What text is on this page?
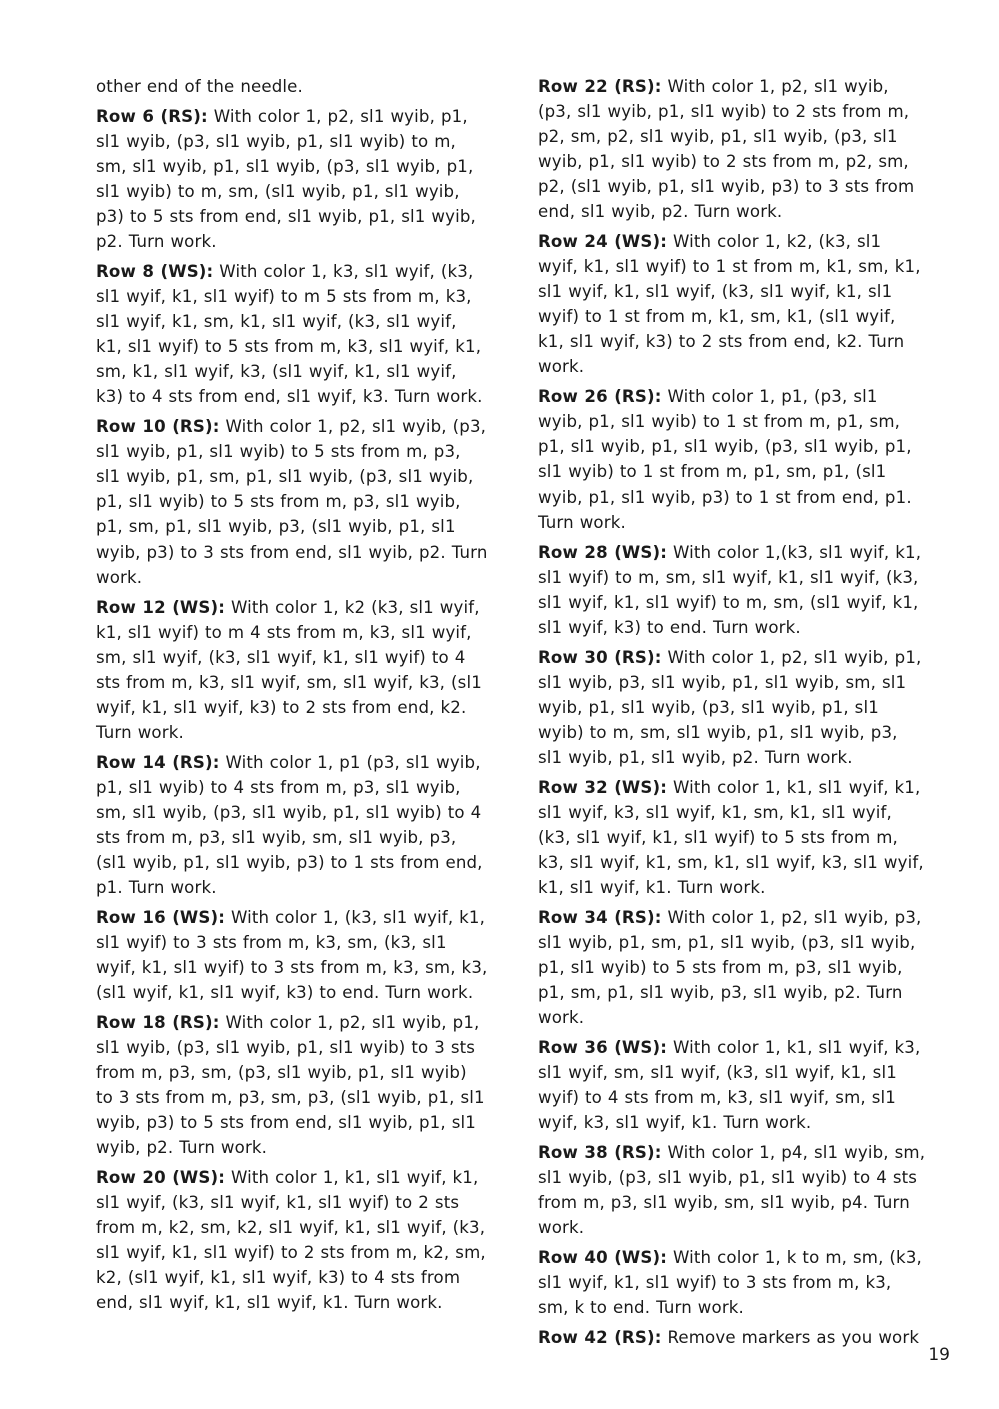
other end of the needle.

Row 6 (RS): With color 1, p2, sl1 wyib, p1, sl1 wyib, (p3, sl1 wyib, p1, sl1 wyib) to m, sm, sl1 wyib, p1, sl1 wyib, (p3, sl1 wyib, p1, sl1 wyib) to m, sm, (sl1 wyib, p1, sl1 wyib, p3) to 5 sts from end, sl1 wyib, p1, sl1 wyib, p2. Turn work.

Row 8 (WS): With color 1, k3, sl1 wyif, (k3, sl1 wyif, k1, sl1 wyif) to m 5 sts from m, k3, sl1 wyif, k1, sm, k1, sl1 wyif, (k3, sl1 wyif, k1, sl1 wyif) to 5 sts from m, k3, sl1 wyif, k1, sm, k1, sl1 wyif, k3, (sl1 wyif, k1, sl1 wyif, k3) to 4 sts from end, sl1 wyif, k3. Turn work.

Row 10 (RS): With color 1, p2, sl1 wyib, (p3, sl1 wyib, p1, sl1 wyib) to 5 sts from m, p3, sl1 wyib, p1, sm, p1, sl1 wyib, (p3, sl1 wyib, p1, sl1 wyib) to 5 sts from m, p3, sl1 wyib, p1, sm, p1, sl1 wyib, p3, (sl1 wyib, p1, sl1 wyib, p3) to 3 sts from end, sl1 wyib, p2. Turn work.

Row 12 (WS): With color 1, k2 (k3, sl1 wyif, k1, sl1 wyif) to m 4 sts from m, k3, sl1 wyif, sm, sl1 wyif, (k3, sl1 wyif, k1, sl1 wyif) to 4 sts from m, k3, sl1 wyif, sm, sl1 wyif, k3, (sl1 wyif, k1, sl1 wyif, k3) to 2 sts from end, k2. Turn work.

Row 14 (RS): With color 1, p1 (p3, sl1 wyib, p1, sl1 wyib) to 4 sts from m, p3, sl1 wyib, sm, sl1 wyib, (p3, sl1 wyib, p1, sl1 wyib) to 4 sts from m, p3, sl1 wyib, sm, sl1 wyib, p3, (sl1 wyib, p1, sl1 wyib, p3) to 1 sts from end, p1. Turn work.

Row 16 (WS): With color 1, (k3, sl1 wyif, k1, sl1 wyif) to 3 sts from m, k3, sm, (k3, sl1 wyif, k1, sl1 wyif) to 3 sts from m, k3, sm, k3, (sl1 wyif, k1, sl1 wyif, k3) to end. Turn work.

Row 18 (RS): With color 1, p2, sl1 wyib, p1, sl1 wyib, (p3, sl1 wyib, p1, sl1 wyib) to 3 sts from m, p3, sm, (p3, sl1 wyib, p1, sl1 wyib) to 3 sts from m, p3, sm, p3, (sl1 wyib, p1, sl1 wyib, p3) to 5 sts from end, sl1 wyib, p1, sl1 wyib, p2. Turn work.

Row 20 (WS): With color 1, k1, sl1 wyif, k1, sl1 wyif, (k3, sl1 wyif, k1, sl1 wyif) to 2 sts from m, k2, sm, k2, sl1 wyif, k1, sl1 wyif, (k3, sl1 wyif, k1, sl1 wyif) to 2 sts from m, k2, sm, k2, (sl1 wyif, k1, sl1 wyif, k3) to 4 sts from end, sl1 wyif, k1, sl1 wyif, k1. Turn work.

Row 22 (RS): With color 1, p2, sl1 wyib, (p3, sl1 wyib, p1, sl1 wyib) to 2 sts from m, p2, sm, p2, sl1 wyib, p1, sl1 wyib, (p3, sl1 wyib, p1, sl1 wyib) to 2 sts from m, p2, sm, p2, (sl1 wyib, p1, sl1 wyib, p3) to 3 sts from end, sl1 wyib, p2. Turn work.

Row 24 (WS): With color 1, k2, (k3, sl1 wyif, k1, sl1 wyif) to 1 st from m, k1, sm, k1, sl1 wyif, k1, sl1 wyif, (k3, sl1 wyif, k1, sl1 wyif) to 1 st from m, k1, sm, k1, (sl1 wyif, k1, sl1 wyif, k3) to 2 sts from end, k2. Turn work.

Row 26 (RS): With color 1, p1, (p3, sl1 wyib, p1, sl1 wyib) to 1 st from m, p1, sm, p1, sl1 wyib, p1, sl1 wyib, (p3, sl1 wyib, p1, sl1 wyib) to 1 st from m, p1, sm, p1, (sl1 wyib, p1, sl1 wyib, p3) to 1 st from end, p1. Turn work.

Row 28 (WS): With color 1,(k3, sl1 wyif, k1, sl1 wyif) to m, sm, sl1 wyif, k1, sl1 wyif, (k3, sl1 wyif, k1, sl1 wyif) to m, sm, (sl1 wyif, k1, sl1 wyif, k3) to end. Turn work.

Row 30 (RS): With color 1, p2, sl1 wyib, p1, sl1 wyib, p3, sl1 wyib, p1, sl1 wyib, sm, sl1 wyib, p1, sl1 wyib, (p3, sl1 wyib, p1, sl1 wyib) to m, sm, sl1 wyib, p1, sl1 wyib, p3, sl1 wyib, p1, sl1 wyib, p2. Turn work.

Row 32 (WS): With color 1, k1, sl1 wyif, k1, sl1 wyif, k3, sl1 wyif, k1, sm, k1, sl1 wyif, (k3, sl1 wyif, k1, sl1 wyif) to 5 sts from m, k3, sl1 wyif, k1, sm, k1, sl1 wyif, k3, sl1 wyif, k1, sl1 wyif, k1. Turn work.

Row 34 (RS): With color 1, p2, sl1 wyib, p3, sl1 wyib, p1, sm, p1, sl1 wyib, (p3, sl1 wyib, p1, sl1 wyib) to 5 sts from m, p3, sl1 wyib, p1, sm, p1, sl1 wyib, p3, sl1 wyib, p2. Turn work.

Row 36 (WS): With color 1, k1, sl1 wyif, k3, sl1 wyif, sm, sl1 wyif, (k3, sl1 wyif, k1, sl1 wyif) to 4 sts from m, k3, sl1 wyif, sm, sl1 wyif, k3, sl1 wyif, k1. Turn work.

Row 38 (RS): With color 1, p4, sl1 wyib, sm, sl1 wyib, (p3, sl1 wyib, p1, sl1 wyib) to 4 sts from m, p3, sl1 wyib, sm, sl1 wyib, p4. Turn work.

Row 40 (WS): With color 1, k to m, sm, (k3, sl1 wyif, k1, sl1 wyif) to 3 sts from m, k3, sm, k to end. Turn work.

Row 42 (RS): Remove markers as you work

19
